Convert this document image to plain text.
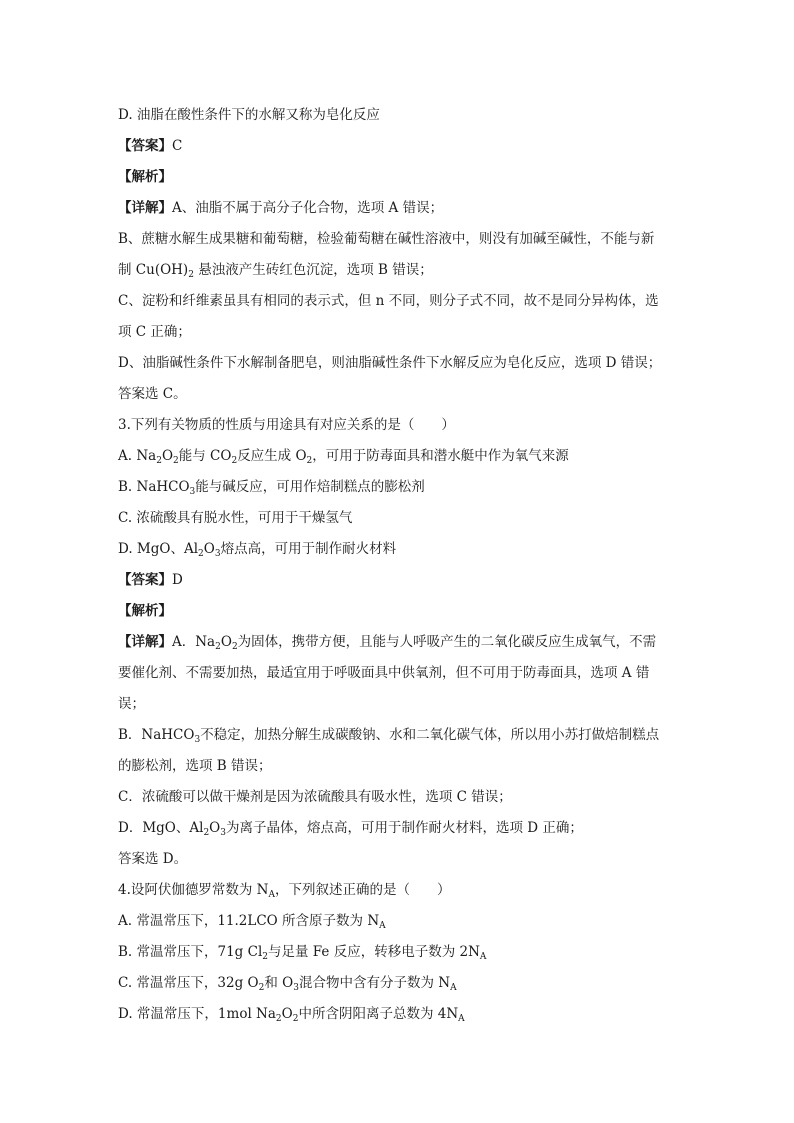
D. 油脂在酸性条件下的水解又称为皂化反应
【答案】C
【解析】
【详解】A、油脂不属于高分子化合物，选项 A 错误；
B、蔗糖水解生成果糖和葡萄糖，检验葡萄糖在碱性溶液中，则没有加碱至碱性，不能与新
制 $Cu(OH)_2$ 悬浊液产生砖红色沉淀，选项 B 错误；
C、淀粉和纤维素虽具有相同的表示式，但 n 不同，则分子式不同，故不是同分异构体，选
项 C 正确；
D、油脂碱性条件下水解制备肥皂，则油脂碱性条件下水解反应为皂化反应，选项 D 错误；
答案选 C。
3.下列有关物质的性质与用途具有对应关系的是（　　）
A. $Na_2O_2$能与 $CO_2$反应生成 $O_2$，可用于防毒面具和潜水艇中作为氧气来源
B. NaHCO$_3$能与碱反应，可用作焙制糕点的膨松剂
C. 浓硫酸具有脱水性，可用于干燥氢气
D. MgO、$Al_2O_3$熔点高，可用于制作耐火材料
【答案】D
【解析】
【详解】A．$Na_2O_2$为固体，携带方便，且能与人呼吸产生的二氧化碳反应生成氧气，不需
要催化剂、不需要加热，最适宜用于呼吸面具中供氧剂，但不可用于防毒面具，选项 A 错
误；
B．NaHCO$_3$不稳定，加热分解生成碳酸钠、水和二氧化碳气体，所以用小苏打做焙制糕点
的膨松剂，选项 B 错误；
C．浓硫酸可以做干燥剂是因为浓硫酸具有吸水性，选项 C 错误；
D．MgO、$Al_2O_3$为离子晶体，熔点高，可用于制作耐火材料，选项 D 正确；
答案选 D。
4.设阿伏伽德罗常数为 $N_A$，下列叙述正确的是（　　）
A. 常温常压下，11.2LCO 所含原子数为 $N_A$
B. 常温常压下，71g $Cl_2$与足量 Fe 反应，转移电子数为 $2N_A$
C. 常温常压下，32g $O_2$和 $O_3$混合物中含有分子数为 $N_A$
D. 常温常压下，1mol $Na_2O_2$中所含阴阳离子总数为 $4N_A$
